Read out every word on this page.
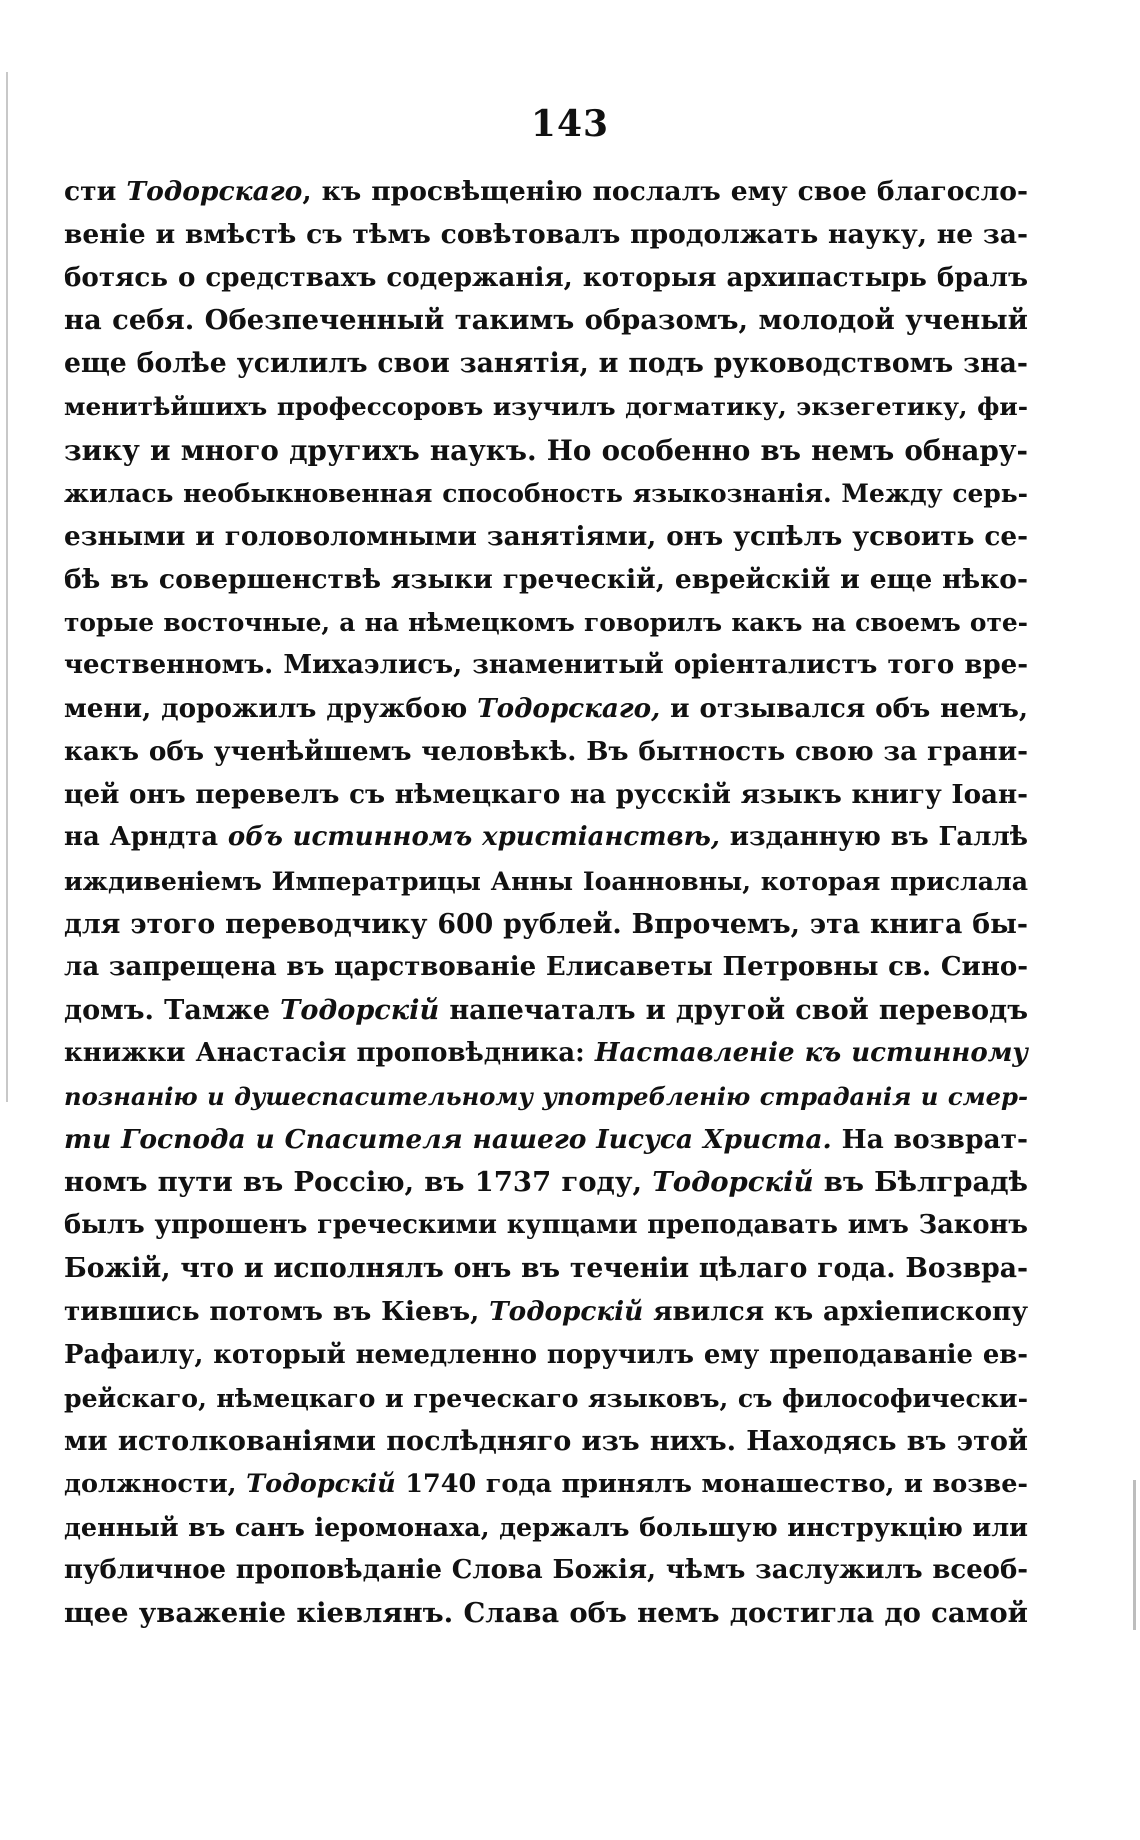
143
сти Тодорскаго, къ просвѣщенію послалъ ему свое благосло-
веніе и вмѣстѣ съ тѣмъ совѣтовалъ продолжать науку, не за-
ботясь о средствахъ содержанія, которыя архипастырь бралъ
на себя. Обезпеченный такимъ образомъ, молодой ученый
еще болѣе усилилъ свои занятія, и подъ руководствомъ зна-
менитѣйшихъ профессоровъ изучилъ догматику, экзегетику, фи-
зику и много другихъ наукъ. Но особенно въ немъ обнару-
жилась необыкновенная способность языкознанія. Между серь-
езными и головоломными занятіями, онъ успѣлъ усвоить се-
бѣ въ совершенствѣ языки греческій, еврейскій и еще нѣко-
торые восточные, а на нѣмецкомъ говорилъ какъ на своемъ оте-
чественномъ. Михаэлисъ, знаменитый оріенталистъ того вре-
мени, дорожилъ дружбою Тодорскаго, и отзывался объ немъ,
какъ объ ученѣйшемъ человѣкѣ. Въ бытность свою за грани-
цей онъ перевелъ съ нѣмецкаго на русскій языкъ книгу Іоан-
на Арндта объ истинномъ христіанствѣ, изданную въ Галлѣ
иждивеніемъ Императрицы Анны Іоанновны, которая прислала
для этого переводчику 600 рублей. Впрочемъ, эта книга бы-
ла запрещена въ царствованіе Елисаветы Петровны св. Сино-
домъ. Тамже Тодорскій напечаталъ и другой свой переводъ
книжки Анастасія проповѣдника: Наставленіе къ истинному
познанію и душеспасительному употребленію страданія и смер-
ти Господа и Спасителя нашего Іисуса Христа. На возврат-
номъ пути въ Россію, въ 1737 году, Тодорскій въ Бѣлградѣ
былъ упрошенъ греческими купцами преподавать имъ Законъ
Божій, что и исполнялъ онъ въ теченіи цѣлаго года. Возвра-
тившись потомъ въ Кіевъ, Тодорскій явился къ архіепископу
Рафаилу, который немедленно поручилъ ему преподаваніе ев-
рейскаго, нѣмецкаго и греческаго языковъ, съ философически-
ми истолкованіями послѣдняго изъ нихъ. Находясь въ этой
должности, Тодорскій 1740 года принялъ монашество, и возве-
денный въ санъ іеромонаха, держалъ большую инструкцію или
публичное проповѣданіе Слова Божія, чѣмъ заслужилъ всеоб-
щее уваженіе кіевлянъ. Слава объ немъ достигла до самой
